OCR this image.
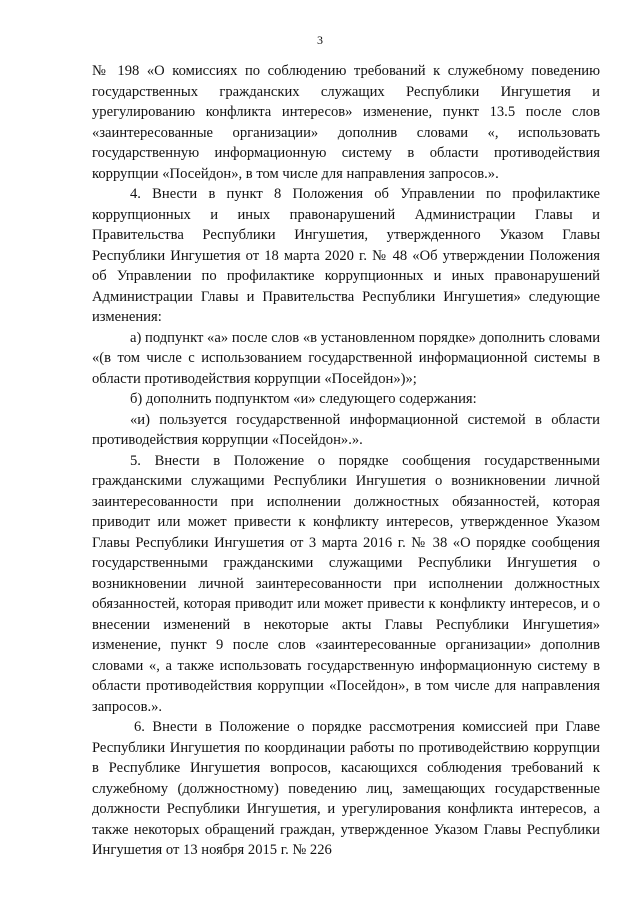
3

№ 198 «О комиссиях по соблюдению требований к служебному поведению государственных гражданских служащих Республики Ингушетия и урегулированию конфликта интересов» изменение, пункт 13.5 после слов «заинтересованные организации» дополнив словами «, использовать государственную информационную систему в области противодействия коррупции «Посейдон», в том числе для направления запросов.».

4. Внести в пункт 8 Положения об Управлении по профилактике коррупционных и иных правонарушений Администрации Главы и Правительства Республики Ингушетия, утвержденного Указом Главы Республики Ингушетия от 18 марта 2020 г. № 48 «Об утверждении Положения об Управлении по профилактике коррупционных и иных правонарушений Администрации Главы и Правительства Республики Ингушетия» следующие изменения:

а) подпункт «а» после слов «в установленном порядке» дополнить словами «(в том числе с использованием государственной информационной системы в области противодействия коррупции «Посейдон»)»;

б) дополнить подпунктом «и» следующего содержания:

«и) пользуется государственной информационной системой в области противодействия коррупции «Посейдон».».

5. Внести в Положение о порядке сообщения государственными гражданскими служащими Республики Ингушетия о возникновении личной заинтересованности при исполнении должностных обязанностей, которая приводит или может привести к конфликту интересов, утвержденное Указом Главы Республики Ингушетия от 3 марта 2016 г. № 38 «О порядке сообщения государственными гражданскими служащими Республики Ингушетия о возникновении личной заинтересованности при исполнении должностных обязанностей, которая приводит или может привести к конфликту интересов, и о внесении изменений в некоторые акты Главы Республики Ингушетия» изменение, пункт 9 после слов «заинтересованные организации» дополнив словами «, а также использовать государственную информационную систему в области противодействия коррупции «Посейдон», в том числе для направления запросов.».

6. Внести в Положение о порядке рассмотрения комиссией при Главе Республики Ингушетия по координации работы по противодействию коррупции в Республике Ингушетия вопросов, касающихся соблюдения требований к служебному (должностному) поведению лиц, замещающих государственные должности Республики Ингушетия, и урегулирования конфликта интересов, а также некоторых обращений граждан, утвержденное Указом Главы Республики Ингушетия от 13 ноября 2015 г. № 226
